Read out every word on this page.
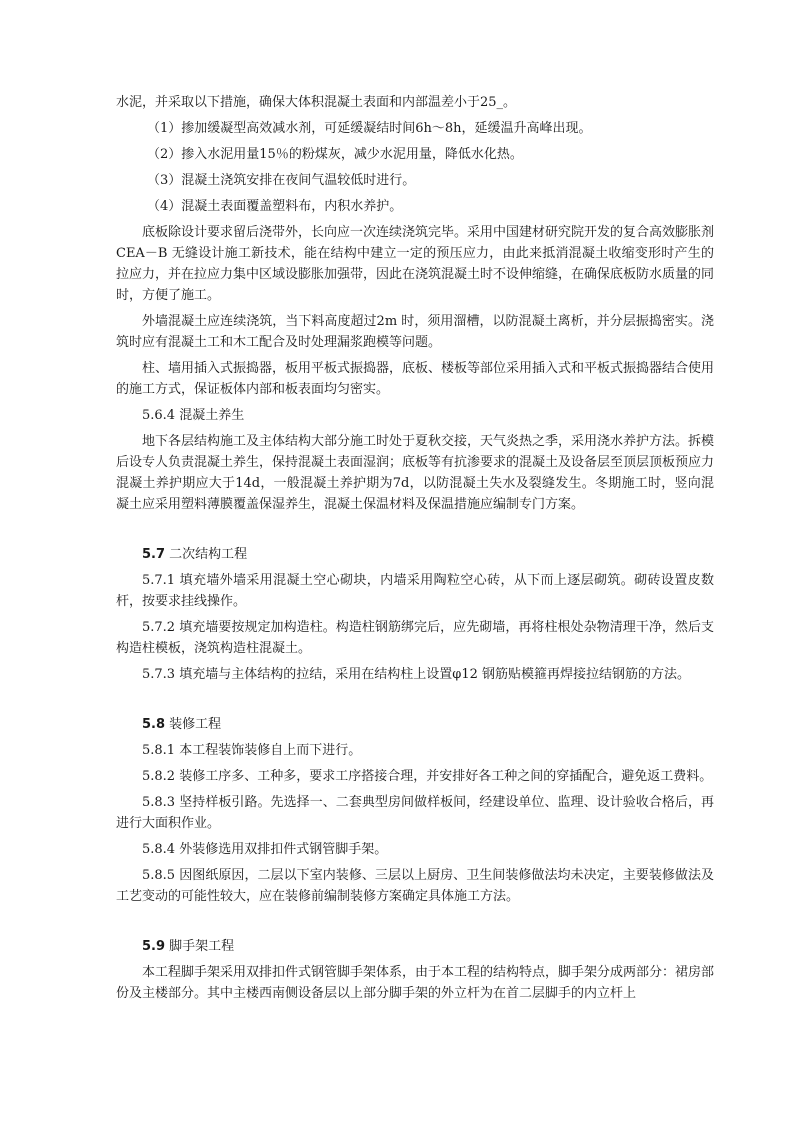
水泥，并采取以下措施，确保大体积混凝土表面和内部温差小于25_。

（1）掺加缓凝型高效减水剂，可延缓凝结时间6h～8h，延缓温升高峰出现。

（2）掺入水泥用量15％的粉煤灰，减少水泥用量，降低水化热。

（3）混凝土浇筑安排在夜间气温较低时进行。

（4）混凝土表面覆盖塑料布，内积水养护。

底板除设计要求留后浇带外，长向应一次连续浇筑完毕。采用中国建材研究院开发的复合高效膨胀剂CEA－B 无缝设计施工新技术，能在结构中建立一定的预压应力，由此来抵消混凝土收缩变形时产生的拉应力，并在拉应力集中区域设膨胀加强带，因此在浇筑混凝土时不设伸缩缝，在确保底板防水质量的同时，方便了施工。

外墙混凝土应连续浇筑，当下料高度超过2m 时，须用溜槽，以防混凝土离析，并分层振捣密实。浇筑时应有混凝土工和木工配合及时处理漏浆跑模等问题。

柱、墙用插入式振捣器，板用平板式振捣器，底板、楼板等部位采用插入式和平板式振捣器结合使用的施工方式，保证板体内部和板表面均匀密实。

5.6.4 混凝土养生

地下各层结构施工及主体结构大部分施工时处于夏秋交接，天气炎热之季，采用浇水养护方法。拆模后设专人负责混凝土养生，保持混凝土表面湿润；底板等有抗渗要求的混凝土及设备层至顶层顶板预应力混凝土养护期应大于14d，一般混凝土养护期为7d，以防混凝土失水及裂缝发生。冬期施工时，竖向混凝土应采用塑料薄膜覆盖保湿养生，混凝土保温材料及保温措施应编制专门方案。

5.7 二次结构工程

5.7.1 填充墙外墙采用混凝土空心砌块，内墙采用陶粒空心砖，从下而上逐层砌筑。砌砖设置皮数杆，按要求挂线操作。

5.7.2 填充墙要按规定加构造柱。构造柱钢筋绑完后，应先砌墙，再将柱根处杂物清理干净，然后支构造柱模板，浇筑构造柱混凝土。

5.7.3 填充墙与主体结构的拉结，采用在结构柱上设置φ12 钢筋贴模箍再焊接拉结钢筋的方法。

5.8 装修工程

5.8.1 本工程装饰装修自上而下进行。

5.8.2 装修工序多、工种多，要求工序搭接合理，并安排好各工种之间的穿插配合，避免返工费料。

5.8.3 坚持样板引路。先选择一、二套典型房间做样板间，经建设单位、监理、设计验收合格后，再进行大面积作业。

5.8.4 外装修选用双排扣件式钢管脚手架。

5.8.5 因图纸原因，二层以下室内装修、三层以上厨房、卫生间装修做法均未决定，主要装修做法及工艺变动的可能性较大，应在装修前编制装修方案确定具体施工方法。

5.9 脚手架工程

本工程脚手架采用双排扣件式钢管脚手架体系，由于本工程的结构特点，脚手架分成两部分：裙房部份及主楼部分。其中主楼西南侧设备层以上部分脚手架的外立杆为在首二层脚手的内立杆上
